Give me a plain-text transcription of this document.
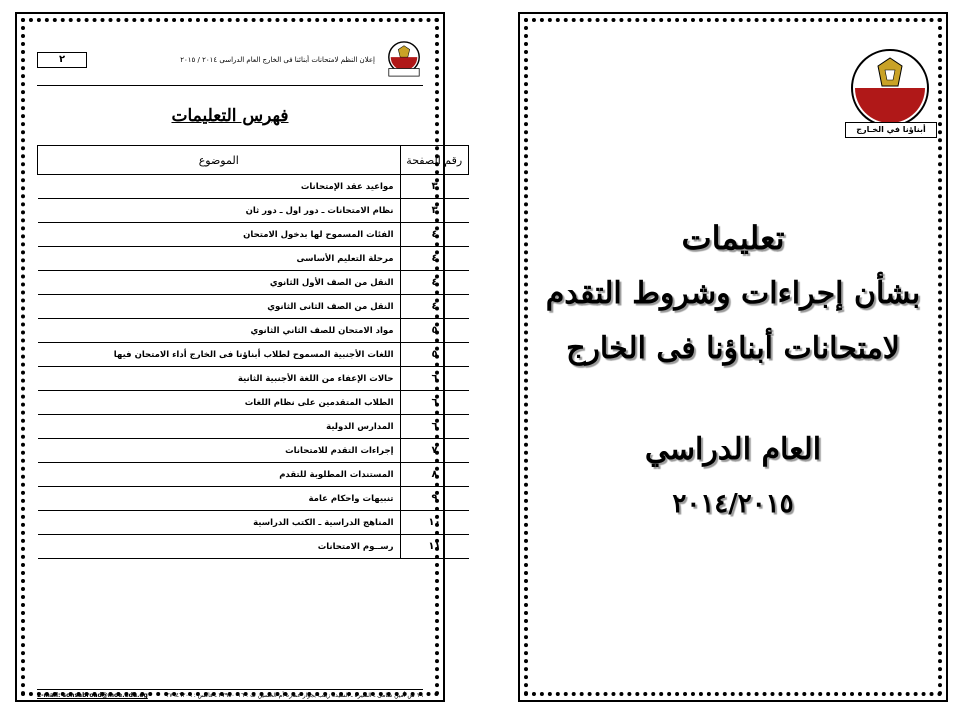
إعلان النظم لامتحانات أبنائنا فى الخارج العام الدراسى ٢٠١٤ / ٢٠١٥
٢
فهرس التعليمات
رقم الصفحة	الموضوع
٣	مواعيد عقد الإمتحانات
٣	نظام الامتحانات ـ دور اول ـ دور ثان
٤	الفئات المسموح لها بدخول الامتحان
٤	مرحلة التعليم الأساسى
٤	النقل من الصف الأول الثانوي
٤	النقل من الصف الثانى الثانوي
٥	مواد الامتحان للصف الثاني الثانوي
٥	اللغات الأجنبية المسموح لطلاب أبناؤنا فى الخارج أداء الامتحان فيها
٦	حالات الإعفاء من اللغة الأجنبية الثانية
٦	الطلاب المتقدمين على نظام اللغات
٦	المدارس الدولية
٧	إجراءات التقدم للامتحانات
٨	المستندات المطلوبة للتقدم
٩	تنبيهات واحكام عامة
١٠	المناهج الدراسية ـ الكتب الدراسية
١١	رســوم الامتحانات
١٦ ش أمين سامى ـ المنيرة ـ السيدة زينب بجوار عمارة أم الحسين ت : ٢٧٩٤٠٠١٦ ـ فاكس : ٢٧٩٤٦٣٠٩
E-mail: sonsabroad@moe.edu.eg
أبناؤنا في الخـارج
تعليمات
بشأن إجراءات وشروط التقدم
لامتحانات أبناؤنا فى الخارج
العام الدراسي
٢٠١٤/٢٠١٥
